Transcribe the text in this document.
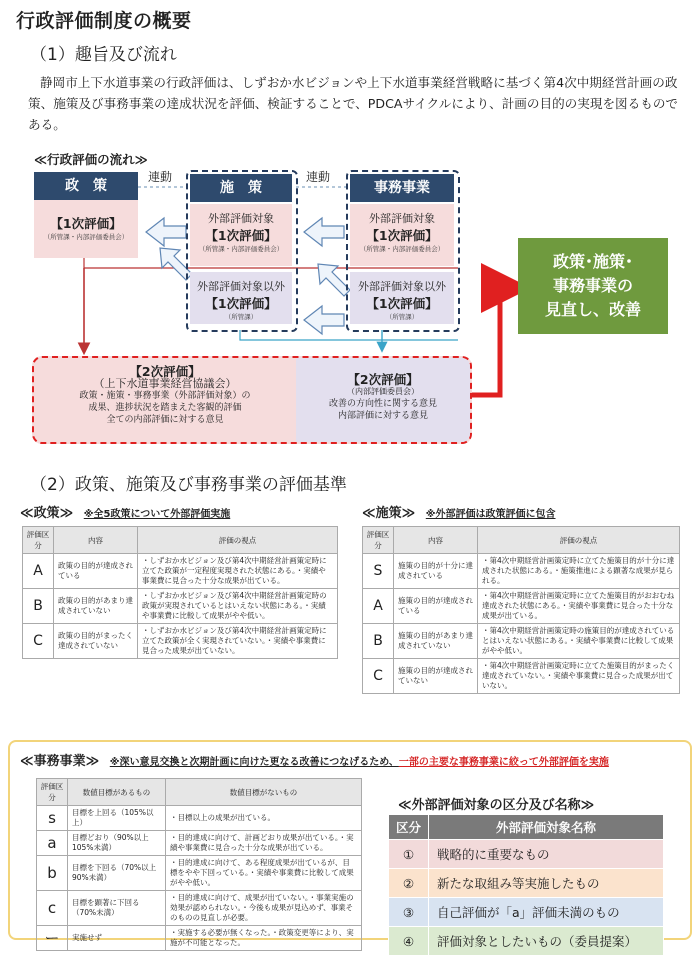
行政評価制度の概要
（1）趣旨及び流れ
静岡市上下水道事業の行政評価は、しずおか水ビジョンや上下水道事業経営戦略に基づく第4次中期経営計画の政策、施策及び事務事業の達成状況を評価、検証することで、PDCAサイクルにより、計画の目的の実現を図るものである。
≪行政評価の流れ≫
連動	連動
政　策
【1次評価】
（所管課・内部評価委員会）
施　策
外部評価対象
【1次評価】
（所管課・内部評価委員会）
外部評価対象以外
【1次評価】
（所管課）
事務事業
外部評価対象
【1次評価】
（所管課・内部評価委員会）
外部評価対象以外
【1次評価】
（所管課）
政策･施策･
事務事業の
見直し、改善
【2次評価】
（上下水道事業経営協議会）
政策・施策・事務事業（外部評価対象）の
成果、進捗状況を踏まえた客観的評価
全ての内部評価に対する意見
【2次評価】
（内部評価委員会）
改善の方向性に関する意見
内部評価に対する意見
（2）政策、施策及び事務事業の評価基準
≪政策≫ ※全5政策について外部評価実施
評価区分	内容	評価の視点
A	政策の目的が達成されている	・しずおか水ビジョン及び第4次中期経営計画策定時に立てた政策が一定程度実現された状態にある。・実績や事業費に見合った十分な成果が出ている。
B	政策の目的があまり達成されていない	・しずおか水ビジョン及び第4次中期経営計画策定時の政策が実現されているとはいえない状態にある。・実績や事業費に比較して成果がやや低い。
C	政策の目的がまったく達成されていない	・しずおか水ビジョン及び第4次中期経営計画策定時に立てた政策が全く実現されていない。・実績や事業費に見合った成果が出ていない。
≪施策≫ ※外部評価は政策評価に包含
評価区分	内容	評価の視点
S	施策の目的が十分に達成されている	・第4次中期経営計画策定時に立てた施策目的が十分に達成された状態にある。・施策推進による顕著な成果が見られる。
A	施策の目的が達成されている	・第4次中期経営計画策定時に立てた施策目的がおおむね達成された状態にある。・実績や事業費に見合った十分な成果が出ている。
B	施策の目的があまり達成されていない	・第4次中期経営計画策定時の施策目的が達成されているとはいえない状態にある。・実績や事業費に比較して成果がやや低い。
C	施策の目的が達成されていない	・第4次中期経営計画策定時に立てた施策目的がまったく達成されていない。・実績や事業費に見合った成果が出ていない。
≪事務事業≫ ※深い意見交換と次期計画に向けた更なる改善につなげるため、一部の主要な事務事業に絞って外部評価を実施
評価区分	数値目標があるもの	数値目標がないもの
s	目標を上回る（105%以上）	・目標以上の成果が出ている。
a	目標どおり（90%以上105%未満）	・目的達成に向けて、計画どおり成果が出ている。・実績や事業費に見合った十分な成果が出ている。
b	目標を下回る（70%以上90%未満）	・目的達成に向けて、ある程度成果が出ているが、目標をやや下回っている。・実績や事業費に比較して成果がやや低い。
c	目標を顕著に下回る（70%未満）	・目的達成に向けて、成果が出ていない。・事業実施の効果が認められない。・今後も成果が見込めず、事業そのものの見直しが必要。
ー	実施せず	・実施する必要が無くなった。・政策変更等により、実施が不可能となった。
≪外部評価対象の区分及び名称≫
区分	外部評価対象名称
①	戦略的に重要なもの
②	新たな取組み等実施したもの
③	自己評価が「a」評価未満のもの
④	評価対象としたいもの（委員提案）
